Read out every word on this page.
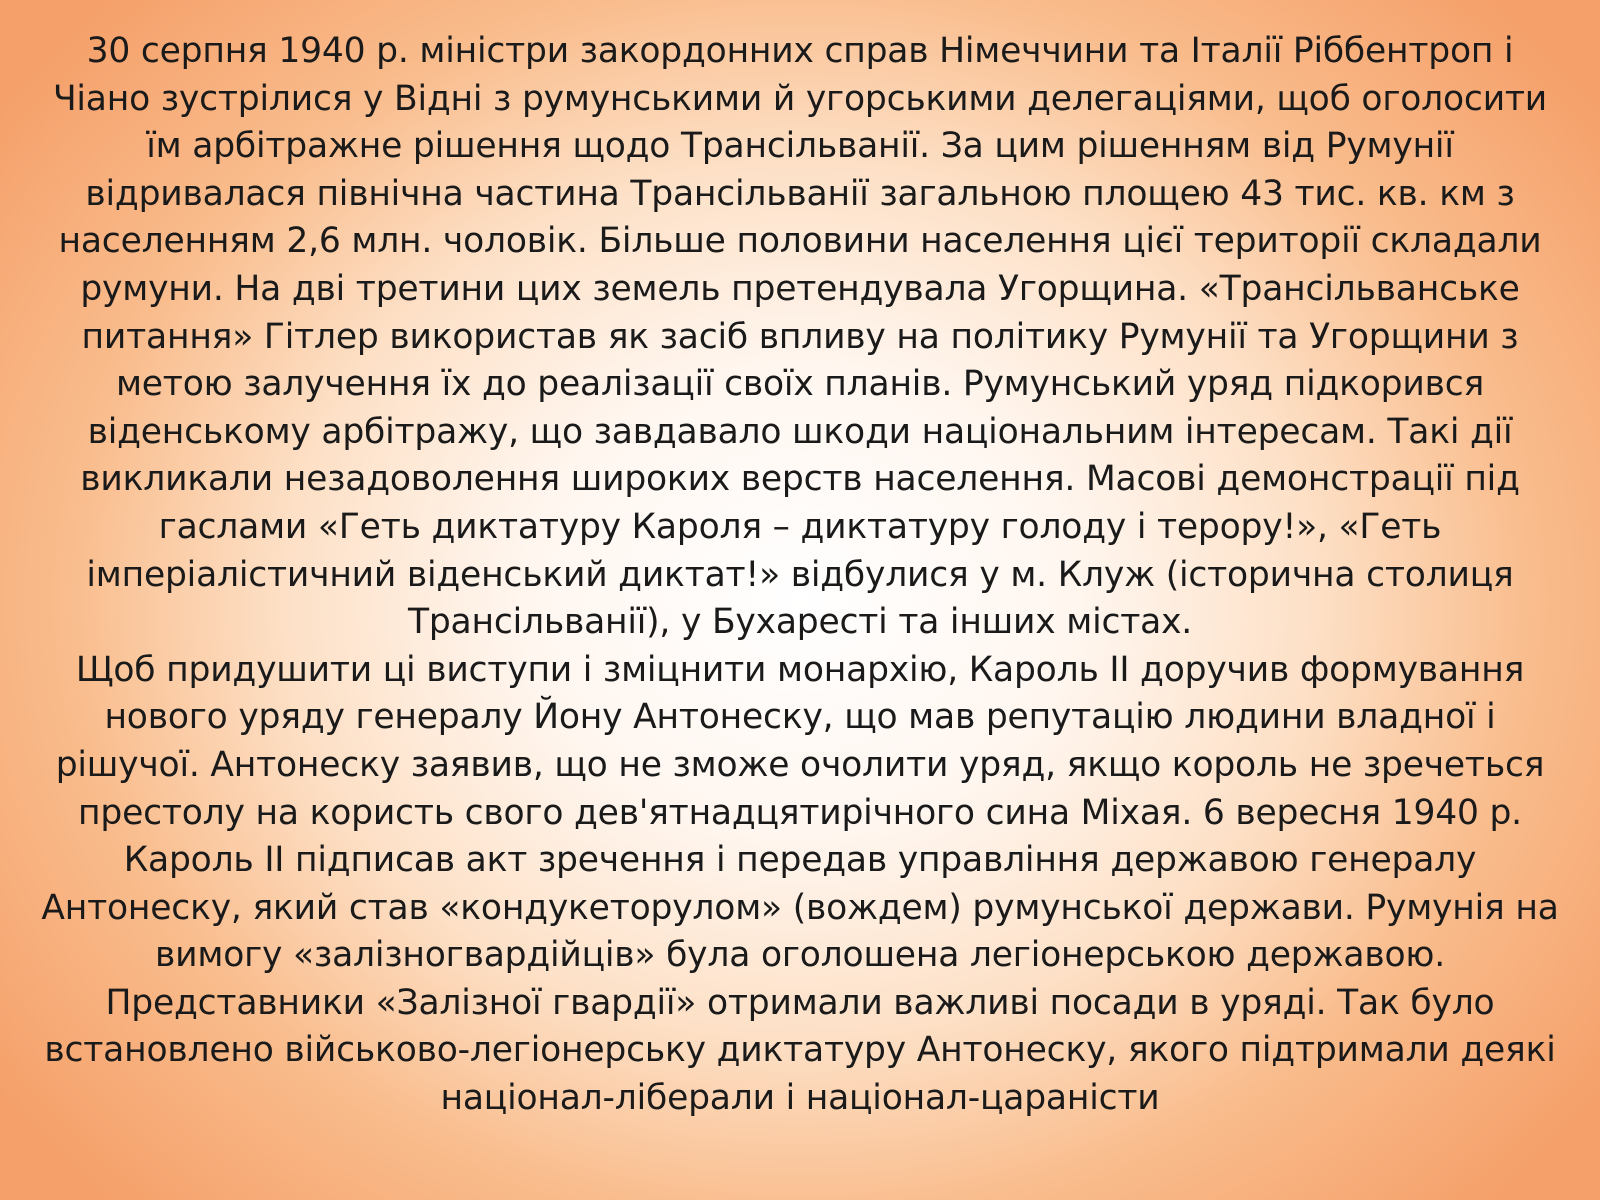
30 серпня 1940 р. міністри закордонних справ Німеччини та Італії Ріббентроп і
Чіано зустрілися у Відні з румунськими й угорськими делегаціями, щоб оголосити
їм арбітражне рішення щодо Трансільванії. За цим рішенням від Румунії
відривалася північна частина Трансільванії загальною площею 43 тис. кв. км з
населенням 2,6 млн. чоловік. Більше половини населення цієї території складали
румуни. На дві третини цих земель претендувала Угорщина. «Трансільванське
питання» Гітлер використав як засіб впливу на політику Румунії та Угорщини з
метою залучення їх до реалізації своїх планів. Румунський уряд підкорився
віденському арбітражу, що завдавало шкоди національним інтересам. Такі дії
викликали незадоволення широких верств населення. Масові демонстрації під
гаслами «Геть диктатуру Кароля – диктатуру голоду і терору!», «Геть
імперіалістичний віденський диктат!» відбулися у м. Клуж (історична столиця
Трансільванії), у Бухаресті та інших містах.
Щоб придушити ці виступи і зміцнити монархію, Кароль II доручив формування
нового уряду генералу Йону Антонеску, що мав репутацію людини владної і
рішучої. Антонеску заявив, що не зможе очолити уряд, якщо король не зречеться
престолу на користь свого дев'ятнадцятирічного сина Міхая. 6 вересня 1940 р.
Кароль II підписав акт зречення і передав управління державою генералу
Антонеску, який став «кондукеторулом» (вождем) румунської держави. Румунія на
вимогу «залізногвардійців» була оголошена легіонерською державою.
Представники «Залізної гвардії» отримали важливі посади в уряді. Так було
встановлено військово-легіонерську диктатуру Антонеску, якого підтримали деякі
націонал-ліберали і націонал-царaністи
